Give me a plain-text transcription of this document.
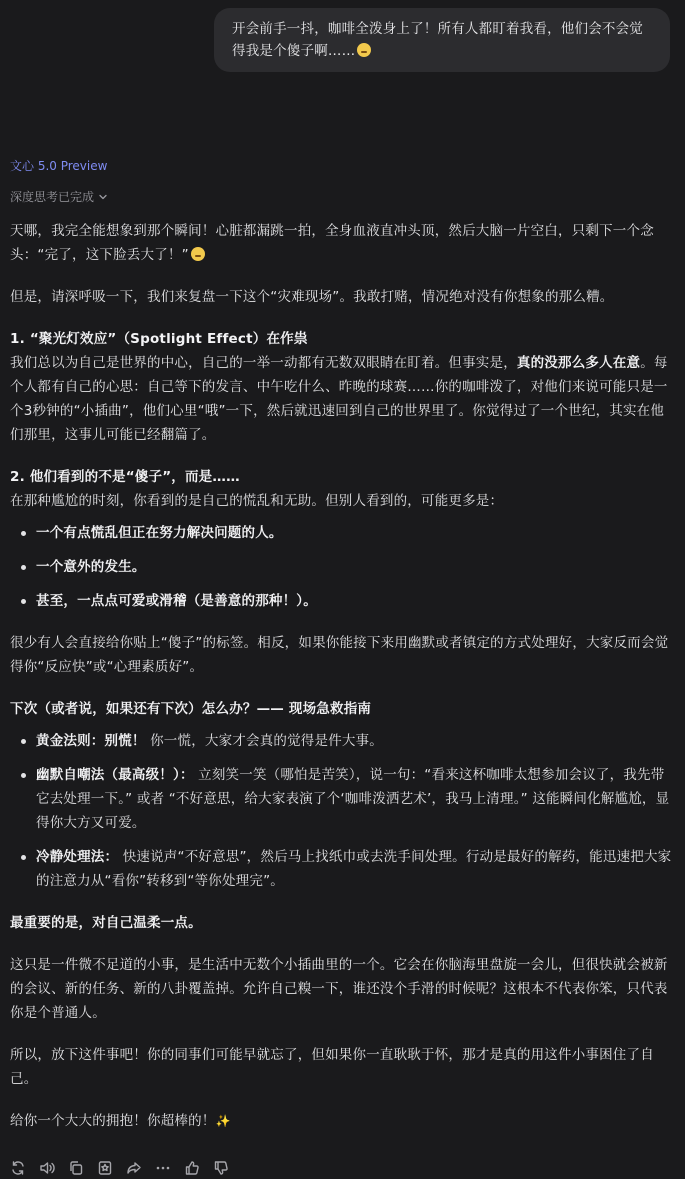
开会前手一抖，咖啡全泼身上了！所有人都盯着我看，他们会不会觉得我是个傻子啊……
文心 5.0 Preview
深度思考已完成

天哪，我完全能想象到那个瞬间！心脏都漏跳一拍，全身血液直冲头顶，然后大脑一片空白，只剩下一个念头：“完了，这下脸丢大了！”

但是，请深呼吸一下，我们来复盘一下这个“灾难现场”。我敢打赌，情况绝对没有你想象的那么糟。

1. “聚光灯效应”（Spotlight Effect）在作祟

我们总以为自己是世界的中心，自己的一举一动都有无数双眼睛在盯着。但事实是，真的没那么多人在意。每个人都有自己的心思：自己等下的发言、中午吃什么、昨晚的球赛……你的咖啡泼了，对他们来说可能只是一个3秒钟的“小插曲”，他们心里“哦”一下，然后就迅速回到自己的世界里了。你觉得过了一个世纪，其实在他们那里，这事儿可能已经翻篇了。

2. 他们看到的不是“傻子”，而是……

在那种尴尬的时刻，你看到的是自己的慌乱和无助。但别人看到的，可能更多是：

一个有点慌乱但正在努力解决问题的人。
一个意外的发生。
甚至，一点点可爱或滑稽（是善意的那种！）。

很少有人会直接给你贴上“傻子”的标签。相反，如果你能接下来用幽默或者镇定的方式处理好，大家反而会觉得你“反应快”或“心理素质好”。

下次（或者说，如果还有下次）怎么办？—— 现场急救指南

黄金法则：别慌！ 你一慌，大家才会真的觉得是件大事。
幽默自嘲法（最高级！）： 立刻笑一笑（哪怕是苦笑），说一句：“看来这杯咖啡太想参加会议了，我先带它去处理一下。” 或者 “不好意思，给大家表演了个‘咖啡泼洒艺术’，我马上清理。” 这能瞬间化解尴尬，显得你大方又可爱。
冷静处理法： 快速说声“不好意思”，然后马上找纸巾或去洗手间处理。行动是最好的解药，能迅速把大家的注意力从“看你”转移到“等你处理完”。

最重要的是，对自己温柔一点。

这只是一件微不足道的小事，是生活中无数个小插曲里的一个。它会在你脑海里盘旋一会儿，但很快就会被新的会议、新的任务、新的八卦覆盖掉。允许自己糗一下，谁还没个手滑的时候呢？这根本不代表你笨，只代表你是个普通人。

所以，放下这件事吧！你的同事们可能早就忘了，但如果你一直耿耿于怀，那才是真的用这件小事困住了自己。

给你一个大大的拥抱！你超棒的！✨
